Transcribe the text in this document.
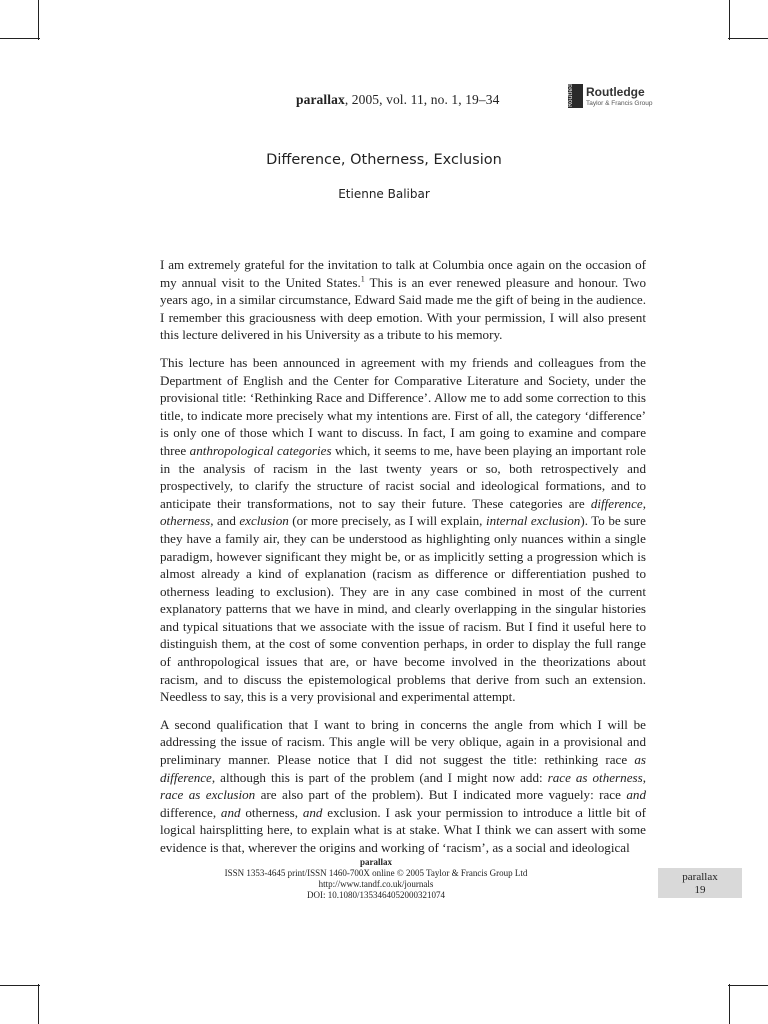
parallax, 2005, vol. 11, no. 1, 19–34	Routledge Routledge
Taylor & Francis Group
Difference, Otherness, Exclusion
Etienne Balibar

I am extremely grateful for the invitation to talk at Columbia once again on the occasion of my annual visit to the United States.$^1$ This is an ever renewed pleasure and honour. Two years ago, in a similar circumstance, Edward Said made me the gift of being in the audience. I remember this graciousness with deep emotion. With your permission, I will also present this lecture delivered in his University as a tribute to his memory.

This lecture has been announced in agreement with my friends and colleagues from the Department of English and the Center for Comparative Literature and Society, under the provisional title: ‘Rethinking Race and Difference’. Allow me to add some correction to this title, to indicate more precisely what my intentions are. First of all, the category ‘difference’ is only one of those which I want to discuss. In fact, I am going to examine and compare three anthropological categories which, it seems to me, have been playing an important role in the analysis of racism in the last twenty years or so, both retrospectively and prospectively, to clarify the structure of racist social and ideological formations, and to anticipate their transformations, not to say their future. These categories are difference, otherness, and exclusion (or more precisely, as I will explain, internal exclusion). To be sure they have a family air, they can be understood as highlighting only nuances within a single paradigm, however significant they might be, or as implicitly setting a progression which is almost already a kind of explanation (racism as difference or differentiation pushed to otherness leading to exclusion). They are in any case combined in most of the current explanatory patterns that we have in mind, and clearly overlapping in the singular histories and typical situations that we associate with the issue of racism. But I find it useful here to distinguish them, at the cost of some convention perhaps, in order to display the full range of anthropological issues that are, or have become involved in the theorizations about racism, and to discuss the epistemological problems that derive from such an extension. Needless to say, this is a very provisional and experimental attempt.

A second qualification that I want to bring in concerns the angle from which I will be addressing the issue of racism. This angle will be very oblique, again in a provisional and preliminary manner. Please notice that I did not suggest the title: rethinking race as difference, although this is part of the problem (and I might now add: race as otherness, race as exclusion are also part of the problem). But I indicated more vaguely: race and difference, and otherness, and exclusion. I ask your permission to introduce a little bit of logical hairsplitting here, to explain what is at stake. What I think we can assert with some evidence is that, wherever the origins and working of ‘racism’, as a social and ideological

parallax
ISSN 1353-4645 print/ISSN 1460-700X online © 2005 Taylor & Francis Group Ltd
http://www.tandf.co.uk/journals
DOI: 10.1080/1353464052000321074
parallax
19
